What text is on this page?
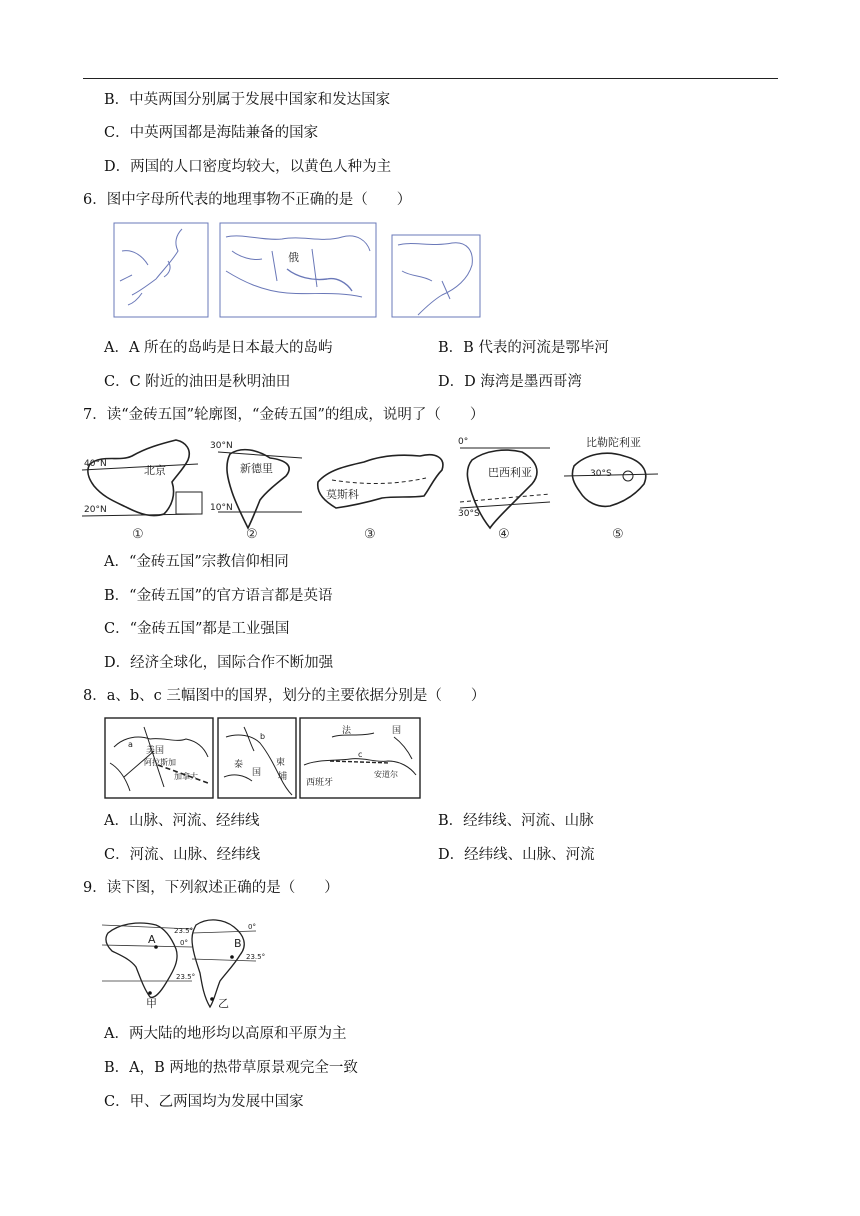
B．中英两国分别属于发展中国家和发达国家
C．中英两国都是海陆兼备的国家
D．两国的人口密度均较大，以黄色人种为主
6．图中字母所代表的地理事物不正确的是（　　）
俄
A．A 所在的岛屿是日本最大的岛屿	B．B 代表的河流是鄂毕河
C．C 附近的油田是秋明油田	D．D 海湾是墨西哥湾
7．读“金砖五国”轮廓图，“金砖五国”的组成，说明了（　　）
40°N	北京
20°N
30°N
新德里
10°N
莫斯科
0°
巴西利亚
30°S
比勒陀利亚
30°S
①	②	③	④	⑤
A．“金砖五国”宗教信仰相同
B．“金砖五国”的官方语言都是英语
C．“金砖五国”都是工业强国
D．经济全球化，国际合作不断加强
8．a、b、c 三幅图中的国界，划分的主要依据分别是（　　）
美国
阿拉斯加
加拿大
a
泰
国
柬
埔
b
法	国
西班牙
安道尔
c
A．山脉、河流、经纬线	B．经纬线、河流、山脉
C．河流、山脉、经纬线	D．经纬线、山脉、河流
9．读下图，下列叙述正确的是（　　）
A	B
甲	乙
23.5°
0°
23.5°
0°
23.5°
A．两大陆的地形均以高原和平原为主
B．A，B 两地的热带草原景观完全一致
C．甲、乙两国均为发展中国家
